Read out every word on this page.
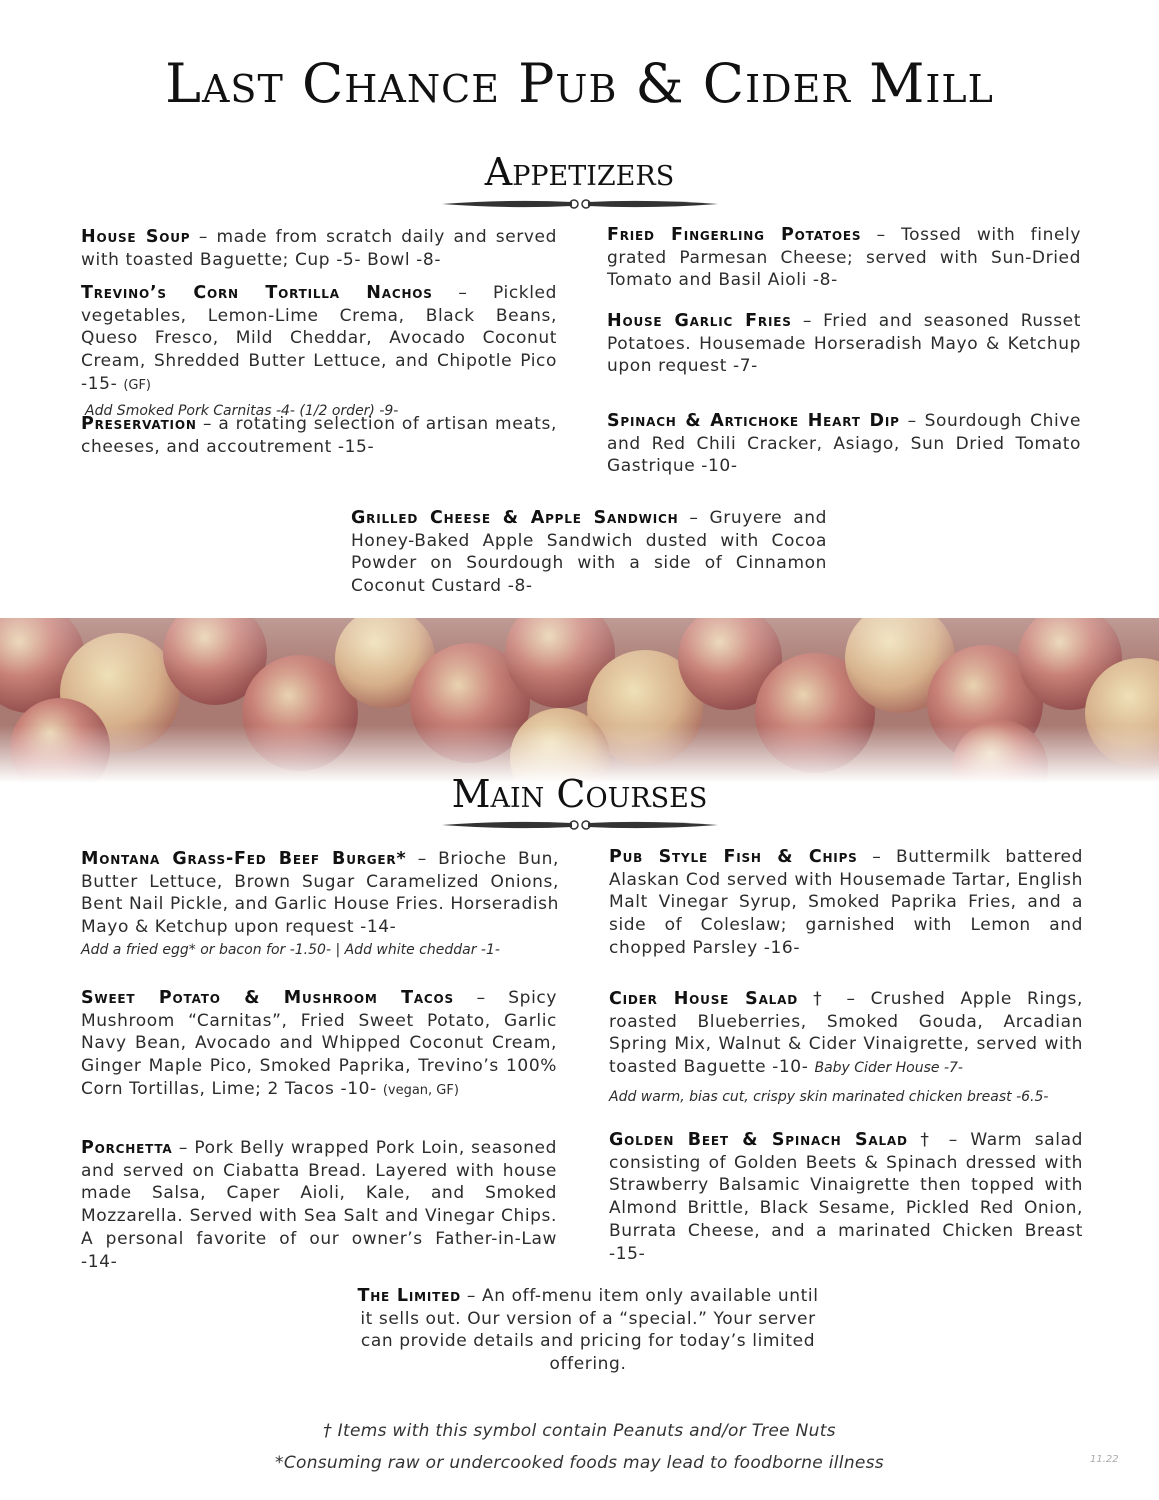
Last Chance Pub & Cider Mill
Appetizers
House Soup – made from scratch daily and served with toasted Baguette; Cup -5- Bowl -8-
Trevino’s Corn Tortilla Nachos – Pickled vegetables, Lemon-Lime Crema, Black Beans, Queso Fresco, Mild Cheddar, Avocado Coconut Cream, Shredded Butter Lettuce, and Chipotle Pico -15- (GF)
Add Smoked Pork Carnitas -4- (1/2 order) -9-
Preservation – a rotating selection of artisan meats, cheeses, and accoutrement -15-
Fried Fingerling Potatoes – Tossed with finely grated Parmesan Cheese; served with Sun-Dried Tomato and Basil Aioli -8-
House Garlic Fries – Fried and seasoned Russet Potatoes. Housemade Horseradish Mayo & Ketchup upon request -7-
Spinach & Artichoke Heart Dip – Sourdough Chive and Red Chili Cracker, Asiago, Sun Dried Tomato Gastrique -10-
Grilled Cheese & Apple Sandwich – Gruyere and Honey-Baked Apple Sandwich dusted with Cocoa Powder on Sourdough with a side of Cinnamon Coconut Custard -8-
Main Courses
Montana Grass-Fed Beef Burger* – Brioche Bun, Butter Lettuce, Brown Sugar Caramelized Onions, Bent Nail Pickle, and Garlic House Fries. Horseradish Mayo & Ketchup upon request -14-
Add a fried egg* or bacon for -1.50- | Add white cheddar -1-
Sweet Potato & Mushroom Tacos – Spicy Mushroom “Carnitas”, Fried Sweet Potato, Garlic Navy Bean, Avocado and Whipped Coconut Cream, Ginger Maple Pico, Smoked Paprika, Trevino’s 100% Corn Tortillas, Lime; 2 Tacos -10- (vegan, GF)
Porchetta – Pork Belly wrapped Pork Loin, seasoned and served on Ciabatta Bread. Layered with house made Salsa, Caper Aioli, Kale, and Smoked Mozzarella. Served with Sea Salt and Vinegar Chips. A personal favorite of our owner’s Father-in-Law -14-
Pub Style Fish & Chips – Buttermilk battered Alaskan Cod served with Housemade Tartar, English Malt Vinegar Syrup, Smoked Paprika Fries, and a side of Coleslaw; garnished with Lemon and chopped Parsley -16-
Cider House Salad † – Crushed Apple Rings, roasted Blueberries, Smoked Gouda, Arcadian Spring Mix, Walnut & Cider Vinaigrette, served with toasted Baguette -10- Baby Cider House -7-
Add warm, bias cut, crispy skin marinated chicken breast -6.5-
Golden Beet & Spinach Salad † – Warm salad consisting of Golden Beets & Spinach dressed with Strawberry Balsamic Vinaigrette then topped with Almond Brittle, Black Sesame, Pickled Red Onion, Burrata Cheese, and a marinated Chicken Breast -15-
The Limited – An off-menu item only available until it sells out. Our version of a “special.” Your server can provide details and pricing for today’s limited offering.
† Items with this symbol contain Peanuts and/or Tree Nuts
*Consuming raw or undercooked foods may lead to foodborne illness	11.22
